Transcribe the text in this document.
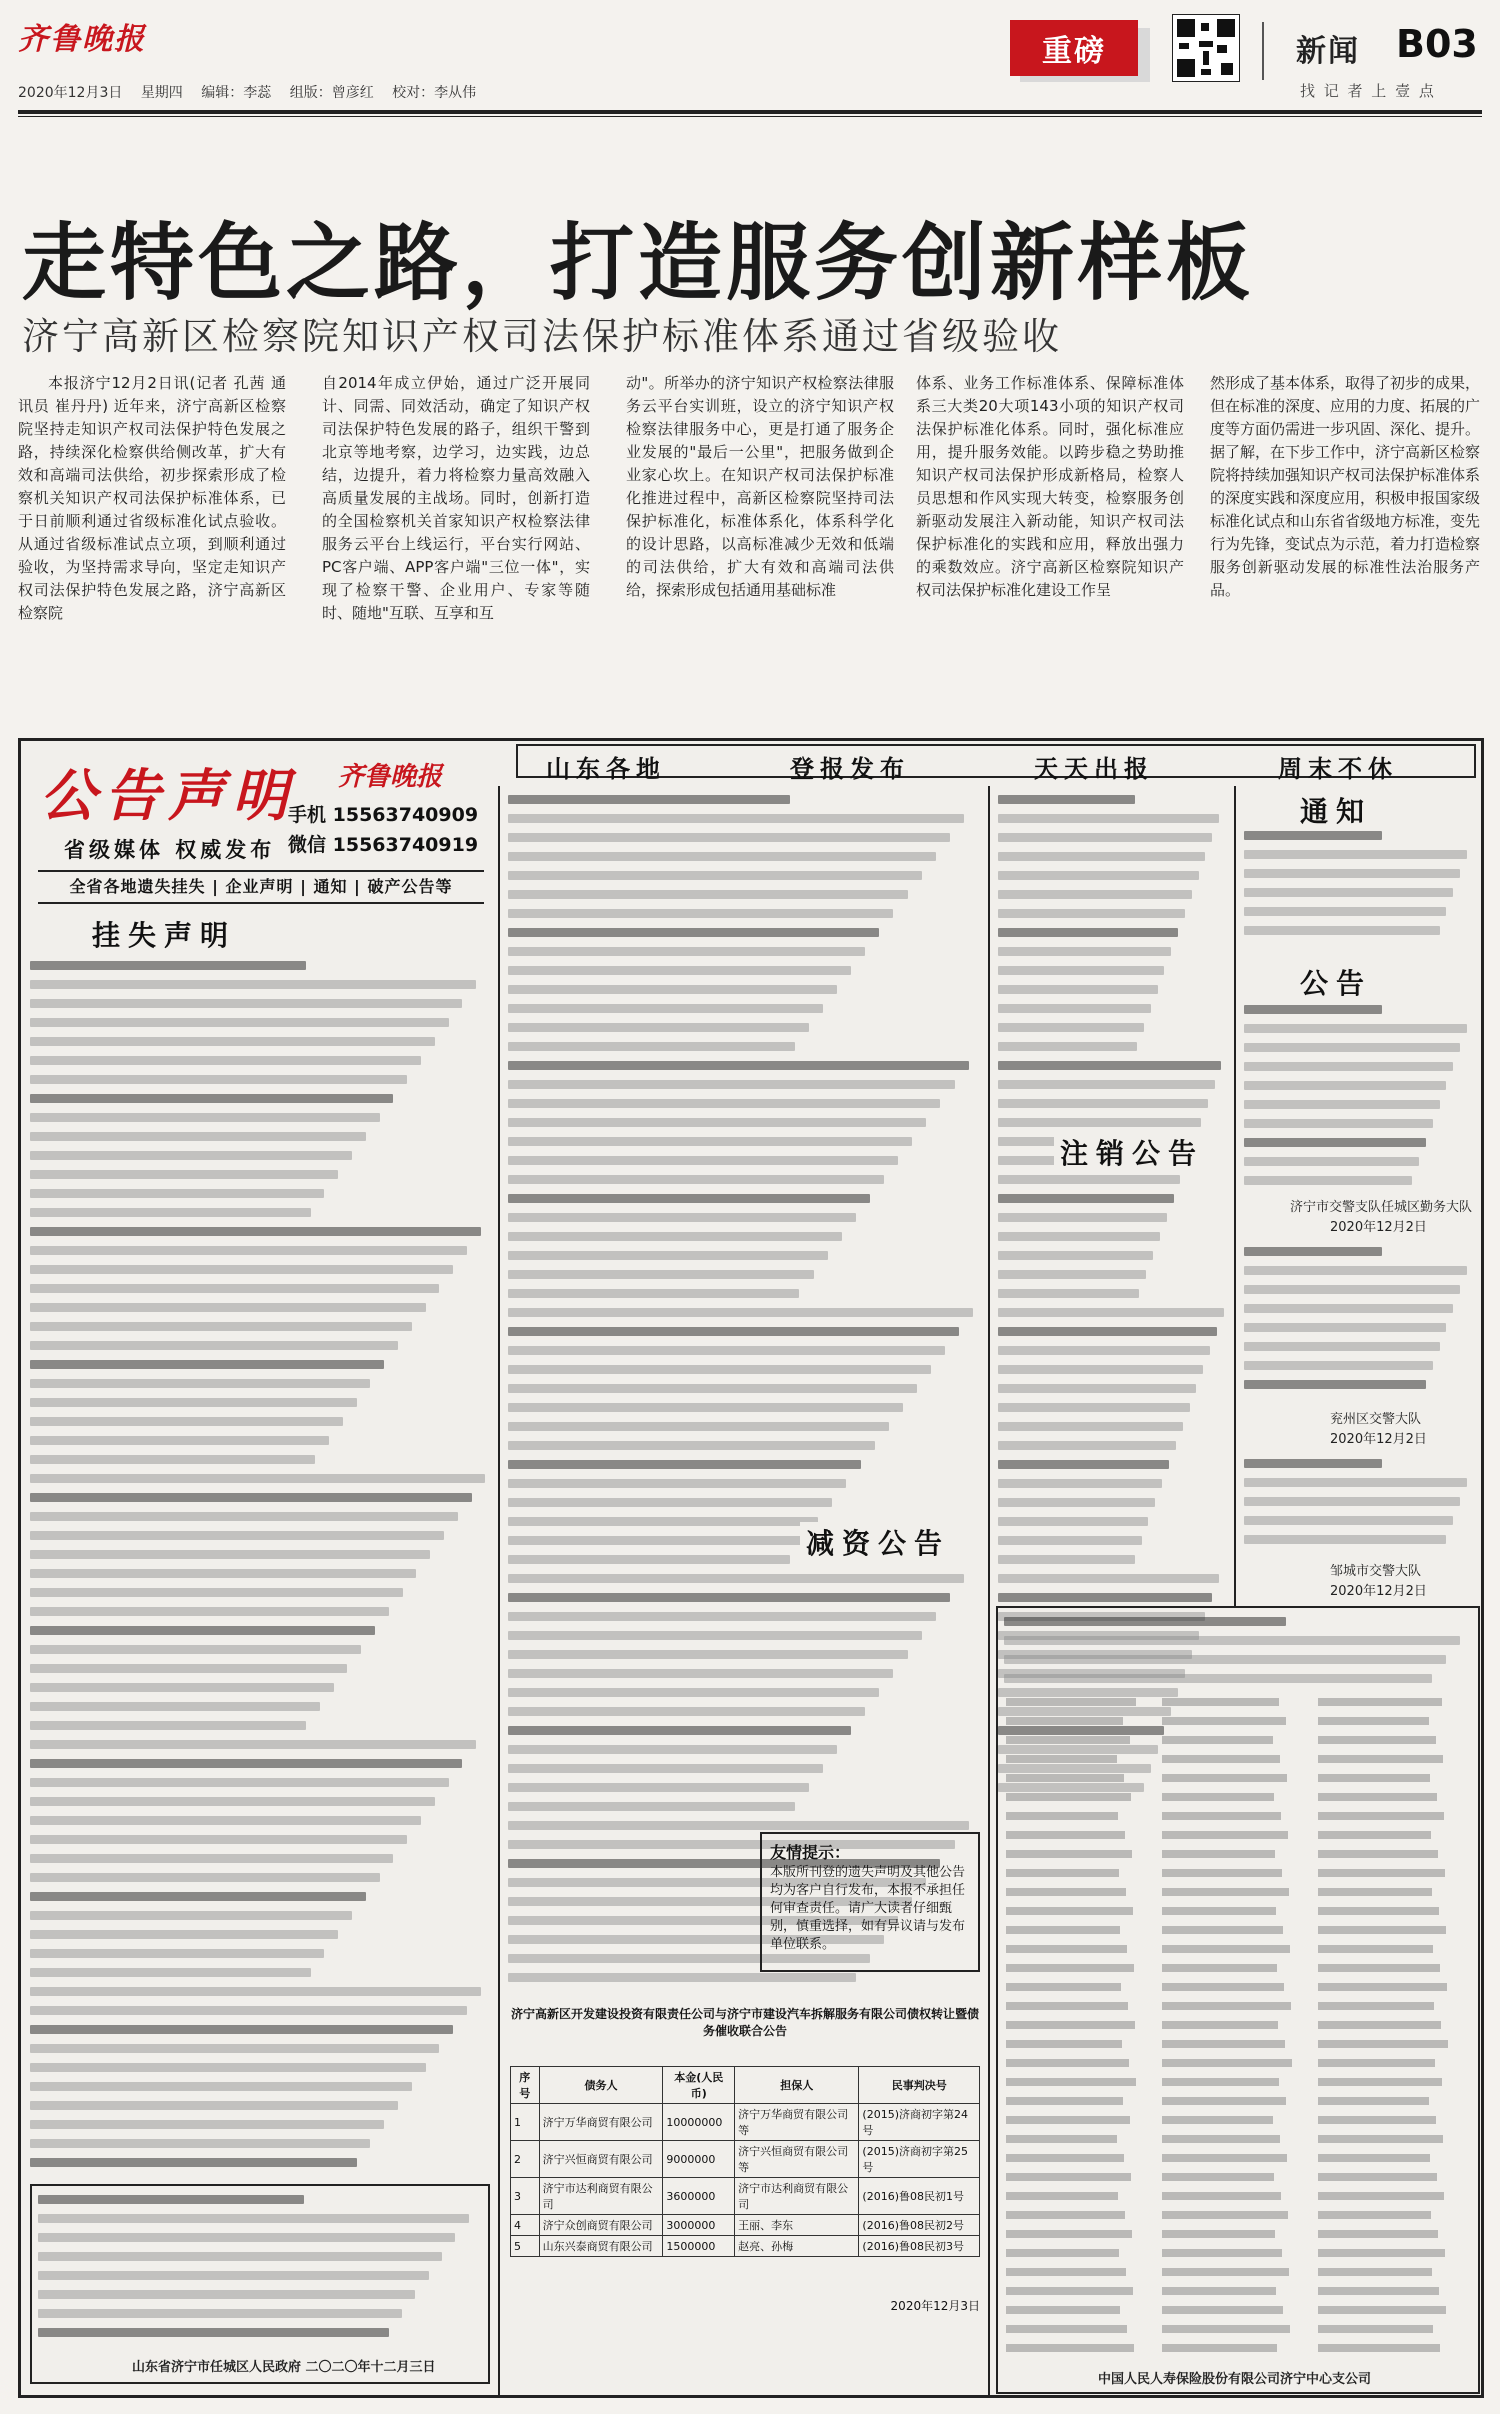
齐鲁晚报
2020年12月3日 星期四 编辑：李蕊 组版：曾彦红 校对：李从伟
重磅	新闻 B03
找 记 者 上 壹 点
走特色之路，打造服务创新样板
济宁高新区检察院知识产权司法保护标准体系通过省级验收

本报济宁12月2日讯(记者 孔茜 通讯员 崔丹丹) 近年来，济宁高新区检察院坚持走知识产权司法保护特色发展之路，持续深化检察供给侧改革，扩大有效和高端司法供给，初步探索形成了检察机关知识产权司法保护标准体系，已于日前顺利通过省级标准化试点验收。从通过省级标准试点立项，到顺利通过验收，为坚持需求导向，坚定走知识产权司法保护特色发展之路，济宁高新区检察院

自2014年成立伊始，通过广泛开展同计、同需、同效活动，确定了知识产权司法保护特色发展的路子，组织干警到北京等地考察，边学习，边实践，边总结，边提升，着力将检察力量高效融入高质量发展的主战场。同时，创新打造的全国检察机关首家知识产权检察法律服务云平台上线运行，平台实行网站、PC客户端、APP客户端"三位一体"，实现了检察干警、企业用户、专家等随时、随地"互联、互享和互

动"。所举办的济宁知识产权检察法律服务云平台实训班，设立的济宁知识产权检察法律服务中心，更是打通了服务企业发展的"最后一公里"，把服务做到企业家心坎上。在知识产权司法保护标准化推进过程中，高新区检察院坚持司法保护标准化，标准体系化，体系科学化的设计思路，以高标准减少无效和低端的司法供给，扩大有效和高端司法供给，探索形成包括通用基础标准

体系、业务工作标准体系、保障标准体系三大类20大项143小项的知识产权司法保护标准化体系。同时，强化标准应用，提升服务效能。以跨步稳之势助推知识产权司法保护形成新格局，检察人员思想和作风实现大转变，检察服务创新驱动发展注入新动能，知识产权司法保护标准化的实践和应用，释放出强力的乘数效应。济宁高新区检察院知识产权司法保护标准化建设工作呈

然形成了基本体系，取得了初步的成果，但在标准的深度、应用的力度、拓展的广度等方面仍需进一步巩固、深化、提升。据了解，在下步工作中，济宁高新区检察院将持续加强知识产权司法保护标准体系的深度实践和深度应用，积极申报国家级标准化试点和山东省省级地方标准，变先行为先锋，变试点为示范，着力打造检察服务创新驱动发展的标准性法治服务产品。

公告声明 齐鲁晚报
手机 15563740909
微信 15563740919
省级媒体 权威发布
全省各地遗失挂失 | 企业声明 | 通知 | 破产公告等
山东各地	登报发布	天天出报	周末不休
挂失声明
山东省济宁市任城区人民政府 二〇二〇年十二月三日
济宁高新区开发建设投资有限责任公司与济宁市建设汽车拆解服务有限公司债权转让暨债务催收联合公告
序号	债务人	本金(人民币)	担保人	民事判决号
1	济宁万华商贸有限公司	10000000	济宁万华商贸有限公司等	(2015)济商初字第24号
2	济宁兴恒商贸有限公司	9000000	济宁兴恒商贸有限公司等	(2015)济商初字第25号
3	济宁市达利商贸有限公司	3600000	济宁市达利商贸有限公司	(2016)鲁08民初1号
4	济宁众创商贸有限公司	3000000	王丽、李东	(2016)鲁08民初2号
5	山东兴泰商贸有限公司	1500000	赵亮、孙梅	(2016)鲁08民初3号
2020年12月3日
注销公告
减资公告
友情提示：
本版所刊登的遗失声明及其他公告均为客户自行发布，本报不承担任何审查责任。请广大读者仔细甄别，慎重选择，如有异议请与发布单位联系。
通知
公告
济宁市交警支队任城区勤务大队
2020年12月2日
兖州区交警大队
2020年12月2日
邹城市交警大队
2020年12月2日
中国人民人寿保险股份有限公司济宁中心支公司
